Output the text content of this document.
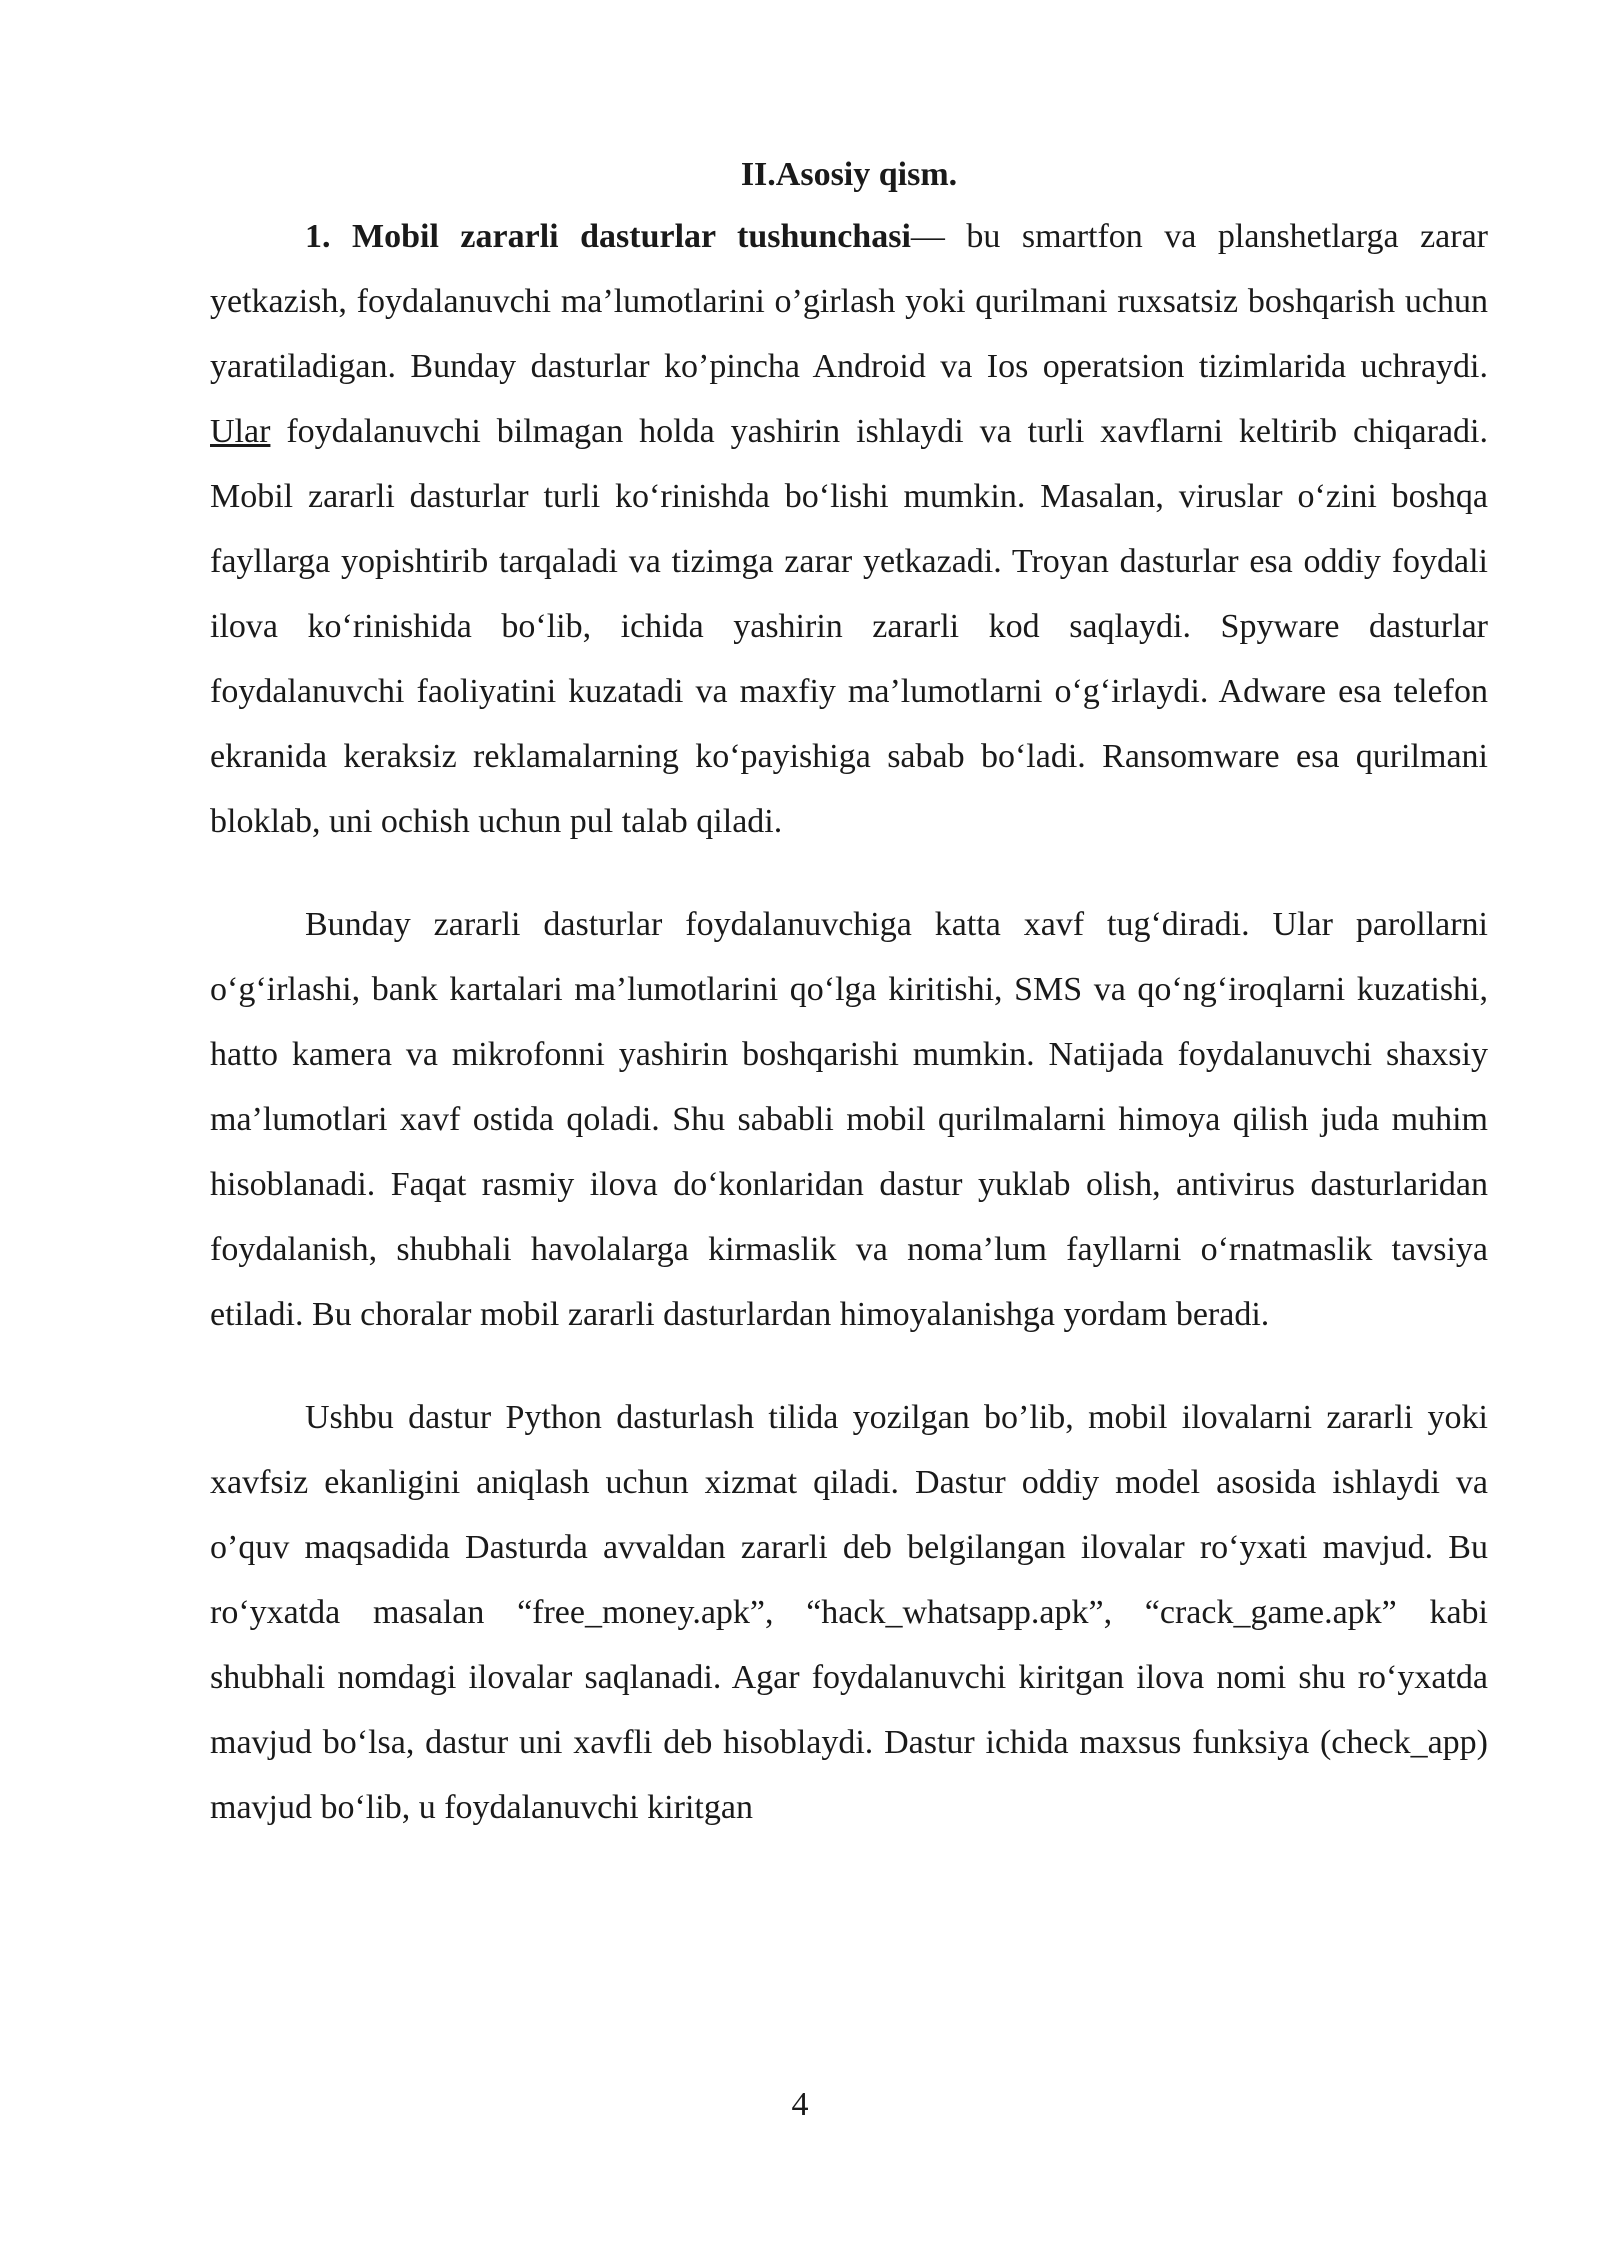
II.Asosiy qism.

1. Mobil zararli dasturlar tushunchasi— bu smartfon va planshetlarga zarar yetkazish, foydalanuvchi ma’lumotlarini o’girlash yoki qurilmani ruxsatsiz boshqarish uchun yaratiladigan. Bunday dasturlar ko’pincha Android va Ios operatsion tizimlarida uchraydi. Ular foydalanuvchi bilmagan holda yashirin ishlaydi va turli xavflarni keltirib chiqaradi. Mobil zararli dasturlar turli ko‘rinishda bo‘lishi mumkin. Masalan, viruslar o‘zini boshqa fayllarga yopishtirib tarqaladi va tizimga zarar yetkazadi. Troyan dasturlar esa oddiy foydali ilova ko‘rinishida bo‘lib, ichida yashirin zararli kod saqlaydi. Spyware dasturlar foydalanuvchi faoliyatini kuzatadi va maxfiy ma’lumotlarni o‘g‘irlaydi. Adware esa telefon ekranida keraksiz reklamalarning ko‘payishiga sabab bo‘ladi. Ransomware esa qurilmani bloklab, uni ochish uchun pul talab qiladi.

Bunday zararli dasturlar foydalanuvchiga katta xavf tug‘diradi. Ular parollarni o‘g‘irlashi, bank kartalari ma’lumotlarini qo‘lga kiritishi, SMS va qo‘ng‘iroqlarni kuzatishi, hatto kamera va mikrofonni yashirin boshqarishi mumkin. Natijada foydalanuvchi shaxsiy ma’lumotlari xavf ostida qoladi. Shu sababli mobil qurilmalarni himoya qilish juda muhim hisoblanadi. Faqat rasmiy ilova do‘konlaridan dastur yuklab olish, antivirus dasturlaridan foydalanish, shubhali havolalarga kirmaslik va noma’lum fayllarni o‘rnatmaslik tavsiya etiladi. Bu choralar mobil zararli dasturlardan himoyalanishga yordam beradi.

Ushbu dastur Python dasturlash tilida yozilgan bo’lib, mobil ilovalarni zararli yoki xavfsiz ekanligini aniqlash uchun xizmat qiladi. Dastur oddiy model asosida ishlaydi va o’quv maqsadida Dasturda avvaldan zararli deb belgilangan ilovalar ro‘yxati mavjud. Bu ro‘yxatda masalan “free_money.apk”, “hack_whatsapp.apk”, “crack_game.apk” kabi shubhali nomdagi ilovalar saqlanadi. Agar foydalanuvchi kiritgan ilova nomi shu ro‘yxatda mavjud bo‘lsa, dastur uni xavfli deb hisoblaydi. Dastur ichida maxsus funksiya (check_app) mavjud bo‘lib, u foydalanuvchi kiritgan

4
